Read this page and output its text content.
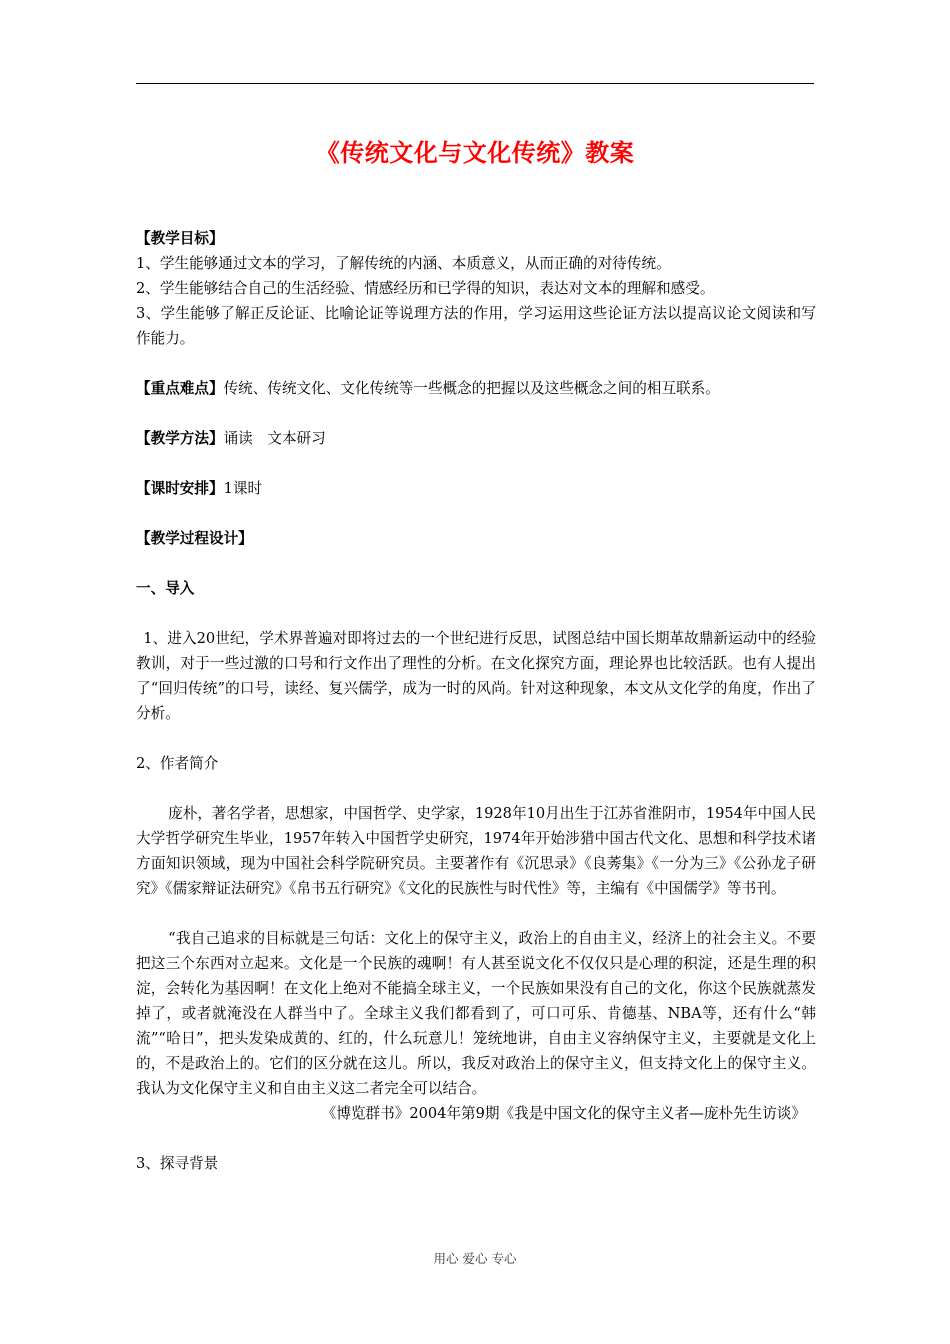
《传统文化与文化传统》教案

【教学目标】

1、学生能够通过文本的学习，了解传统的内涵、本质意义，从而正确的对待传统。

2、学生能够结合自己的生活经验、情感经历和已学得的知识，表达对文本的理解和感受。

3、学生能够了解正反论证、比喻论证等说理方法的作用，学习运用这些论证方法以提高议论文阅读和写作能力。

【重点难点】传统、传统文化、文化传统等一些概念的把握以及这些概念之间的相互联系。

【教学方法】诵读　文本研习

【课时安排】1课时

【教学过程设计】

一、导入

1、进入20世纪，学术界普遍对即将过去的一个世纪进行反思，试图总结中国长期革故鼎新运动中的经验教训，对于一些过激的口号和行文作出了理性的分析。在文化探究方面，理论界也比较活跃。也有人提出了“回归传统”的口号，读经、复兴儒学，成为一时的风尚。针对这种现象，本文从文化学的角度，作出了分析。

2、作者简介

庞朴，著名学者，思想家，中国哲学、史学家，1928年10月出生于江苏省淮阴市，1954年中国人民大学哲学研究生毕业，1957年转入中国哲学史研究，1974年开始涉猎中国古代文化、思想和科学技术诸方面知识领域，现为中国社会科学院研究员。主要著作有《沉思录》《良莠集》《一分为三》《公孙龙子研究》《儒家辩证法研究》《帛书五行研究》《文化的民族性与时代性》等，主编有《中国儒学》等书刊。

“我自己追求的目标就是三句话：文化上的保守主义，政治上的自由主义，经济上的社会主义。不要把这三个东西对立起来。文化是一个民族的魂啊！有人甚至说文化不仅仅只是心理的积淀，还是生理的积淀，会转化为基因啊！在文化上绝对不能搞全球主义，一个民族如果没有自己的文化，你这个民族就蒸发掉了，或者就淹没在人群当中了。全球主义我们都看到了，可口可乐、肯德基、NBA等，还有什么“韩流”“哈日”，把头发染成黄的、红的，什么玩意儿！笼统地讲，自由主义容纳保守主义，主要就是文化上的，不是政治上的。它们的区分就在这儿。所以，我反对政治上的保守主义，但支持文化上的保守主义。我认为文化保守主义和自由主义这二者完全可以结合。

《博览群书》2004年第9期《我是中国文化的保守主义者—庞朴先生访谈》

3、探寻背景

用心 爱心 专心
